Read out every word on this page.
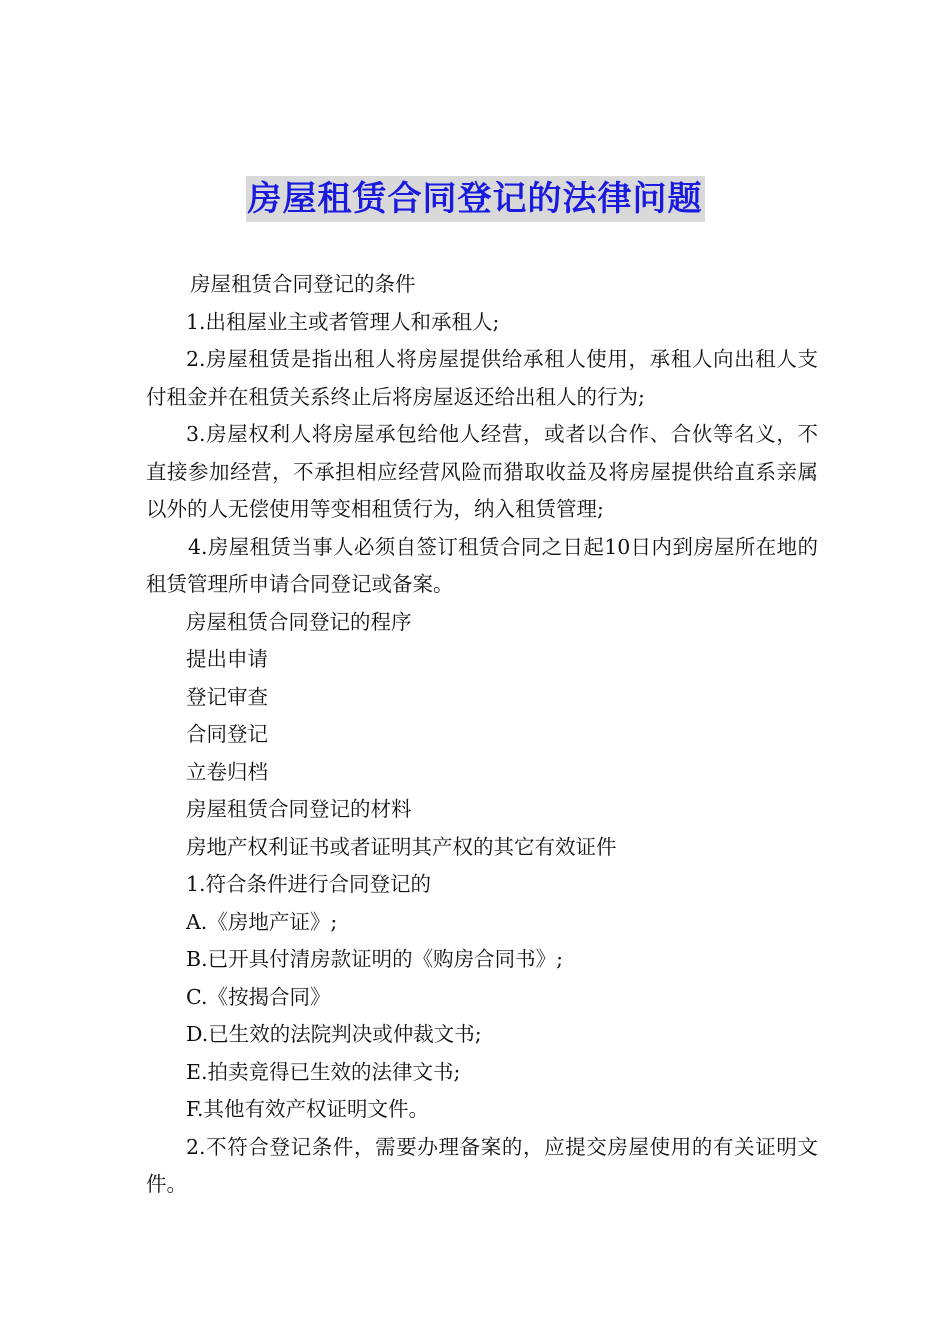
房屋租赁合同登记的法律问题

房屋租赁合同登记的条件

1.出租屋业主或者管理人和承租人;

2.房屋租赁是指出租人将房屋提供给承租人使用，承租人向出租人支付租金并在租赁关系终止后将房屋返还给出租人的行为;

3.房屋权利人将房屋承包给他人经营，或者以合作、合伙等名义，不直接参加经营，不承担相应经营风险而猎取收益及将房屋提供给直系亲属以外的人无偿使用等变相租赁行为，纳入租赁管理;

4.房屋租赁当事人必须自签订租赁合同之日起10日内到房屋所在地的租赁管理所申请合同登记或备案。

房屋租赁合同登记的程序

提出申请

登记审查

合同登记

立卷归档

房屋租赁合同登记的材料

房地产权利证书或者证明其产权的其它有效证件

1.符合条件进行合同登记的

A.《房地产证》;

B.已开具付清房款证明的《购房合同书》;

C.《按揭合同》

D.已生效的法院判决或仲裁文书;

E.拍卖竟得已生效的法律文书;

F.其他有效产权证明文件。

2.不符合登记条件，需要办理备案的，应提交房屋使用的有关证明文件。
